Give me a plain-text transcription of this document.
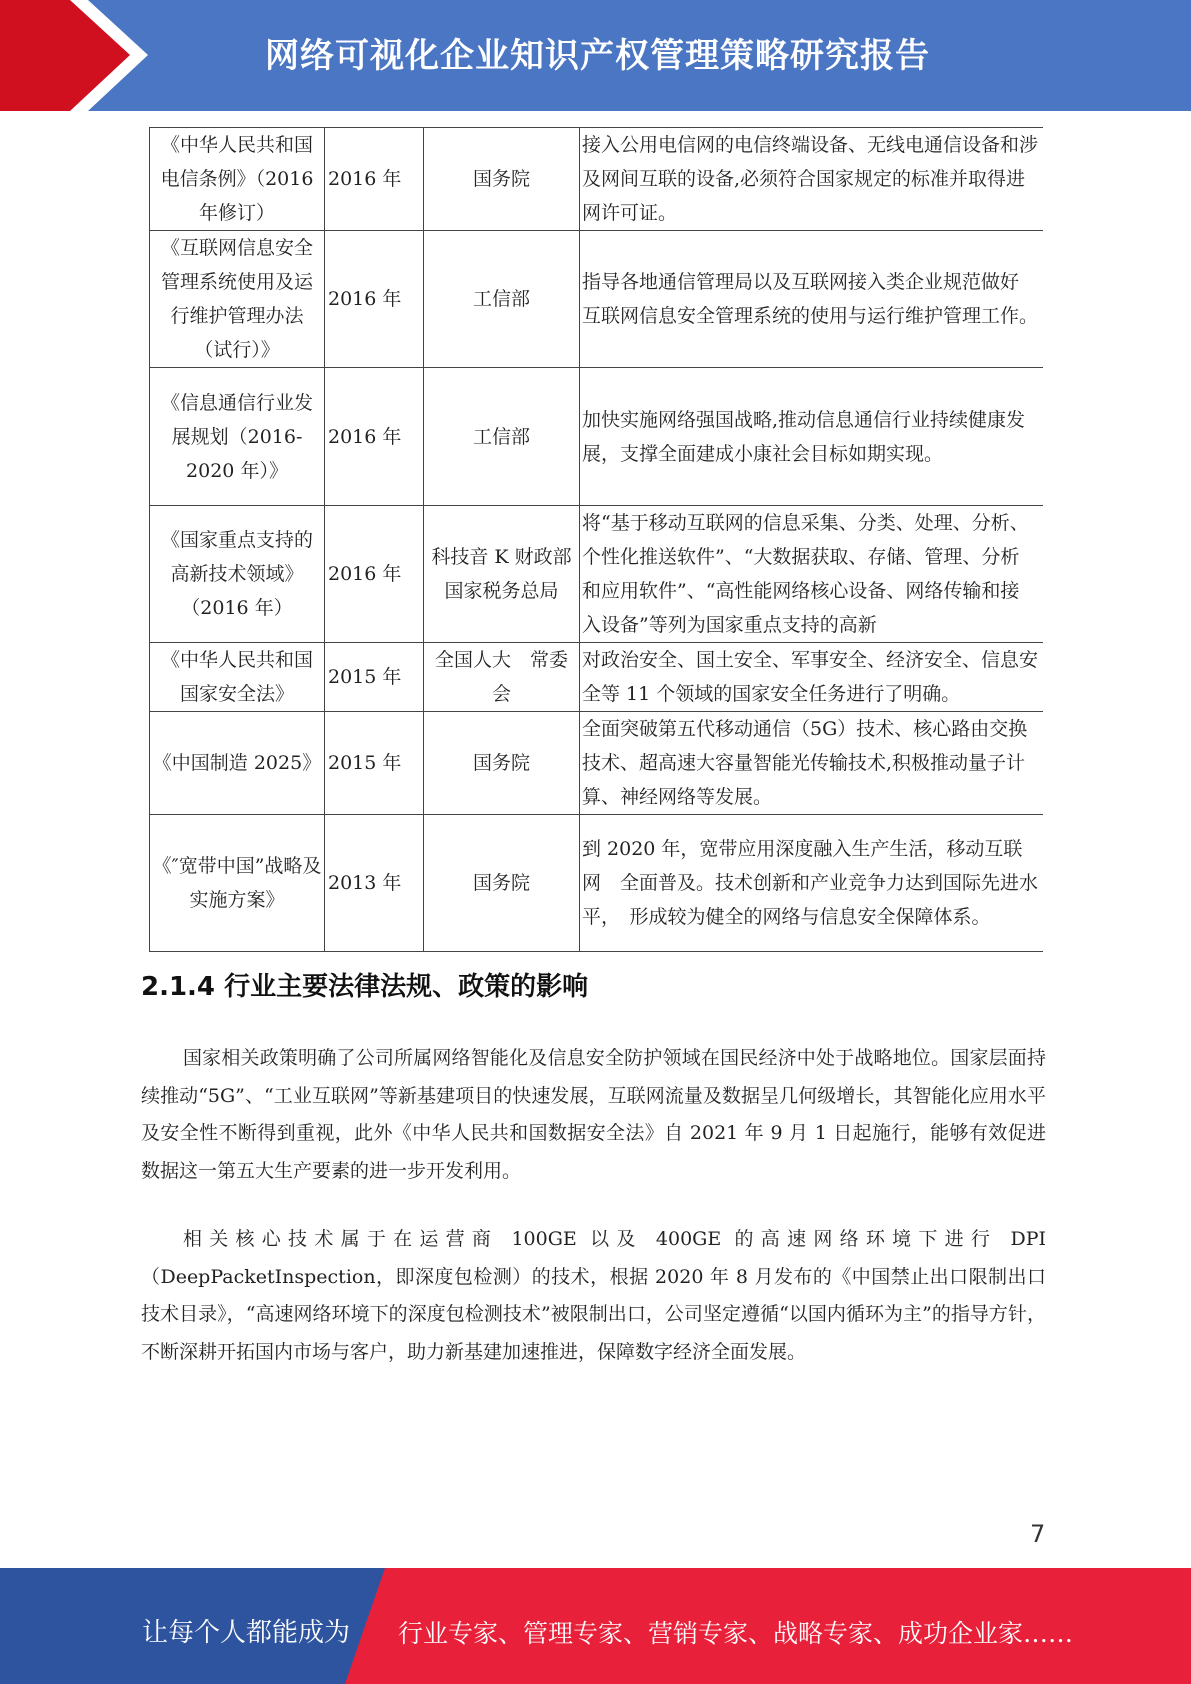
网络可视化企业知识产权管理策略研究报告
《中华人民共和国电信条例》（2016 年修订）	2016 年	国务院	接入公用电信网的电信终端设备、无线电通信设备和涉　及网间互联的设备,必须符合国家规定的标准并取得进　网许可证。
《互联网信息安全管理系统使用及运行维护管理办法（试行）》	2016 年	工信部	指导各地通信管理局以及互联网接入类企业规范做好　互联网信息安全管理系统的使用与运行维护管理工作。
《信息通信行业发展规划（2016-2020 年）》	2016 年	工信部	加快实施网络强国战略,推动信息通信行业持续健康发　展，支撑全面建成小康社会目标如期实现。
《国家重点支持的高新技术领域》（2016 年）	2016 年	科技音 K 财政部国家税务总局	将“基于移动互联网的信息采集、分类、处理、分析、　个性化推送软件”、“大数据获取、存储、管理、分析　和应用软件”、“高性能网络核心设备、网络传输和接　入设备”等列为国家重点支持的高新
《中华人民共和国国家安全法》	2015 年	全国人大　常委会	对政治安全、国土安全、军事安全、经济安全、信息安　全等 11 个领域的国家安全任务进行了明确。
《中国制造 2025》	2015 年	国务院	全面突破第五代移动通信（5G）技术、核心路由交换　技术、超高速大容量智能光传输技术,积极推动量子计　算、神经网络等发展。
《″宽带中国”战略及实施方案》	2013 年	国务院	到 2020 年，宽带应用深度融入生产生活，移动互联网　全面普及。技术创新和产业竞争力达到国际先进水平，　形成较为健全的网络与信息安全保障体系。
2.1.4 行业主要法律法规、政策的影响

国家相关政策明确了公司所属网络智能化及信息安全防护领域在国民经济中处于战略地位。国家层面持续推动“5G”、“工业互联网”等新基建项目的快速发展，互联网流量及数据呈几何级增长，其智能化应用水平及安全性不断得到重视，此外《中华人民共和国数据安全法》自 2021 年 9 月 1 日起施行，能够有效促进数据这一第五大生产要素的进一步开发利用。

相关核心技术属于在运营商 100GE 以及 400GE 的高速网络环境下进行 DPI（DeepPacketInspection，即深度包检测）的技术，根据 2020 年 8 月发布的《中国禁止出口限制出口技术目录》，“高速网络环境下的深度包检测技术”被限制出口，公司坚定遵循“以国内循环为主”的指导方针，不断深耕开拓国内市场与客户，助力新基建加速推进，保障数字经济全面发展。

7
让每个人都能成为 行业专家、管理专家、营销专家、战略专家、成功企业家……
